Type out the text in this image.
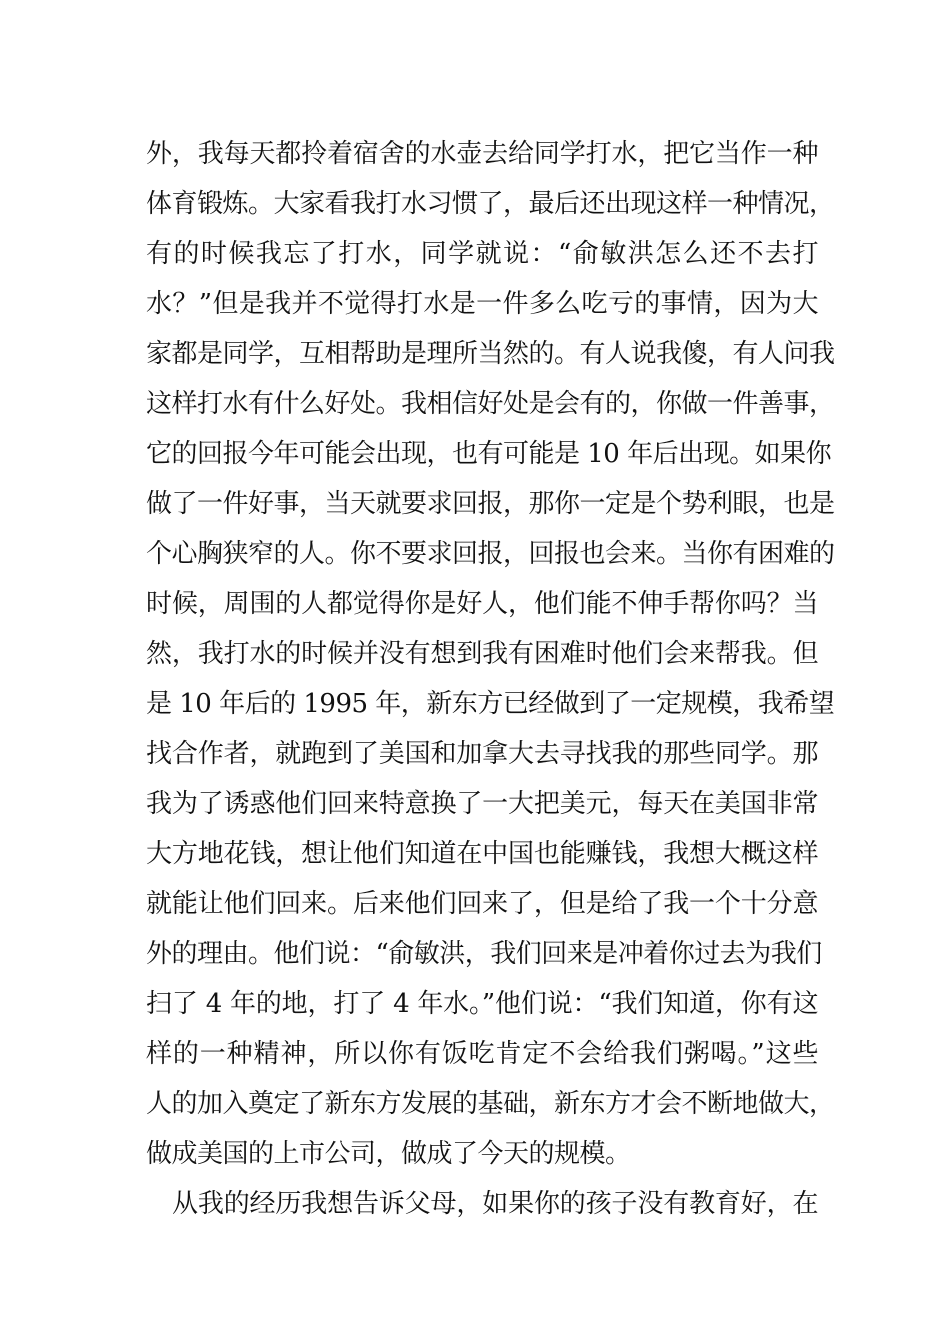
外，我每天都拎着宿舍的水壶去给同学打水，把它当作一种
体育锻炼。大家看我打水习惯了，最后还出现这样一种情况，
有的时候我忘了打水，同学就说：“俞敏洪怎么还不去打
水？”但是我并不觉得打水是一件多么吃亏的事情，因为大
家都是同学，互相帮助是理所当然的。有人说我傻，有人问我
这样打水有什么好处。我相信好处是会有的，你做一件善事，
它的回报今年可能会出现，也有可能是 10 年后出现。如果你
做了一件好事，当天就要求回报，那你一定是个势利眼，也是
个心胸狭窄的人。你不要求回报，回报也会来。当你有困难的
时候，周围的人都觉得你是好人，他们能不伸手帮你吗？当
然，我打水的时候并没有想到我有困难时他们会来帮我。但
是 10 年后的 1995 年，新东方已经做到了一定规模，我希望
找合作者，就跑到了美国和加拿大去寻找我的那些同学。那
我为了诱惑他们回来特意换了一大把美元，每天在美国非常
大方地花钱，想让他们知道在中国也能赚钱，我想大概这样
就能让他们回来。后来他们回来了，但是给了我一个十分意
外的理由。他们说：“俞敏洪，我们回来是冲着你过去为我们
扫了 4 年的地，打了 4 年水。”他们说：“我们知道，你有这
样的一种精神，所以你有饭吃肯定不会给我们粥喝。”这些
人的加入奠定了新东方发展的基础，新东方才会不断地做大，
做成美国的上市公司，做成了今天的规模。
从我的经历我想告诉父母，如果你的孩子没有教育好，在
